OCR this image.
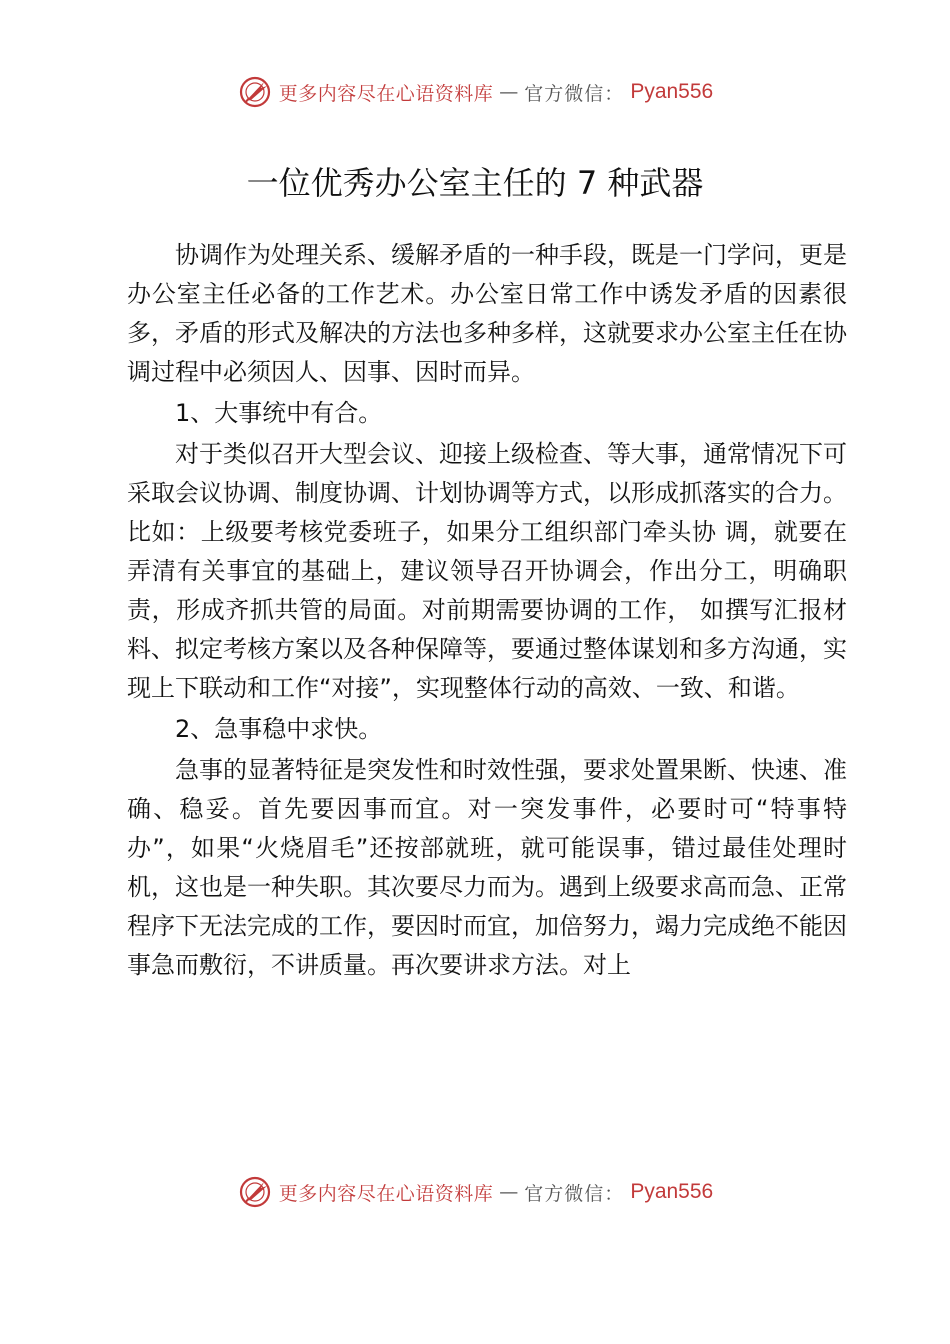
更多内容尽在心语资料库 — 官方微信： Pyan556
一位优秀办公室主任的 7 种武器

协调作为处理关系、缓解矛盾的一种手段，既是一门学问，更是办公室主任必备的工作艺术。办公室日常工作中诱发矛盾的因素很多，矛盾的形式及解决的方法也多种多样，这就要求办公室主任在协调过程中必须因人、因事、因时而异。

1、大事统中有合。

对于类似召开大型会议、迎接上级检查、等大事，通常情况下可采取会议协调、制度协调、计划协调等方式，以形成抓落实的合力。比如：上级要考核党委班子，如果分工组织部门牵头协 调，就要在弄清有关事宜的基础上，建议领导召开协调会，作出分工，明确职责，形成齐抓共管的局面。对前期需要协调的工作， 如撰写汇报材料、拟定考核方案以及各种保障等，要通过整体谋划和多方沟通，实现上下联动和工作“对接”，实现整体行动的高效、一致、和谐。

2、急事稳中求快。

急事的显著特征是突发性和时效性强，要求处置果断、快速、准确、稳妥。首先要因事而宜。对一突发事件，必要时可“特事特办”，如果“火烧眉毛”还按部就班，就可能误事，错过最佳处理时机，这也是一种失职。其次要尽力而为。遇到上级要求高而急、正常程序下无法完成的工作，要因时而宜，加倍努力，竭力完成绝不能因事急而敷衍，不讲质量。再次要讲求方法。对上

更多内容尽在心语资料库 — 官方微信： Pyan556
